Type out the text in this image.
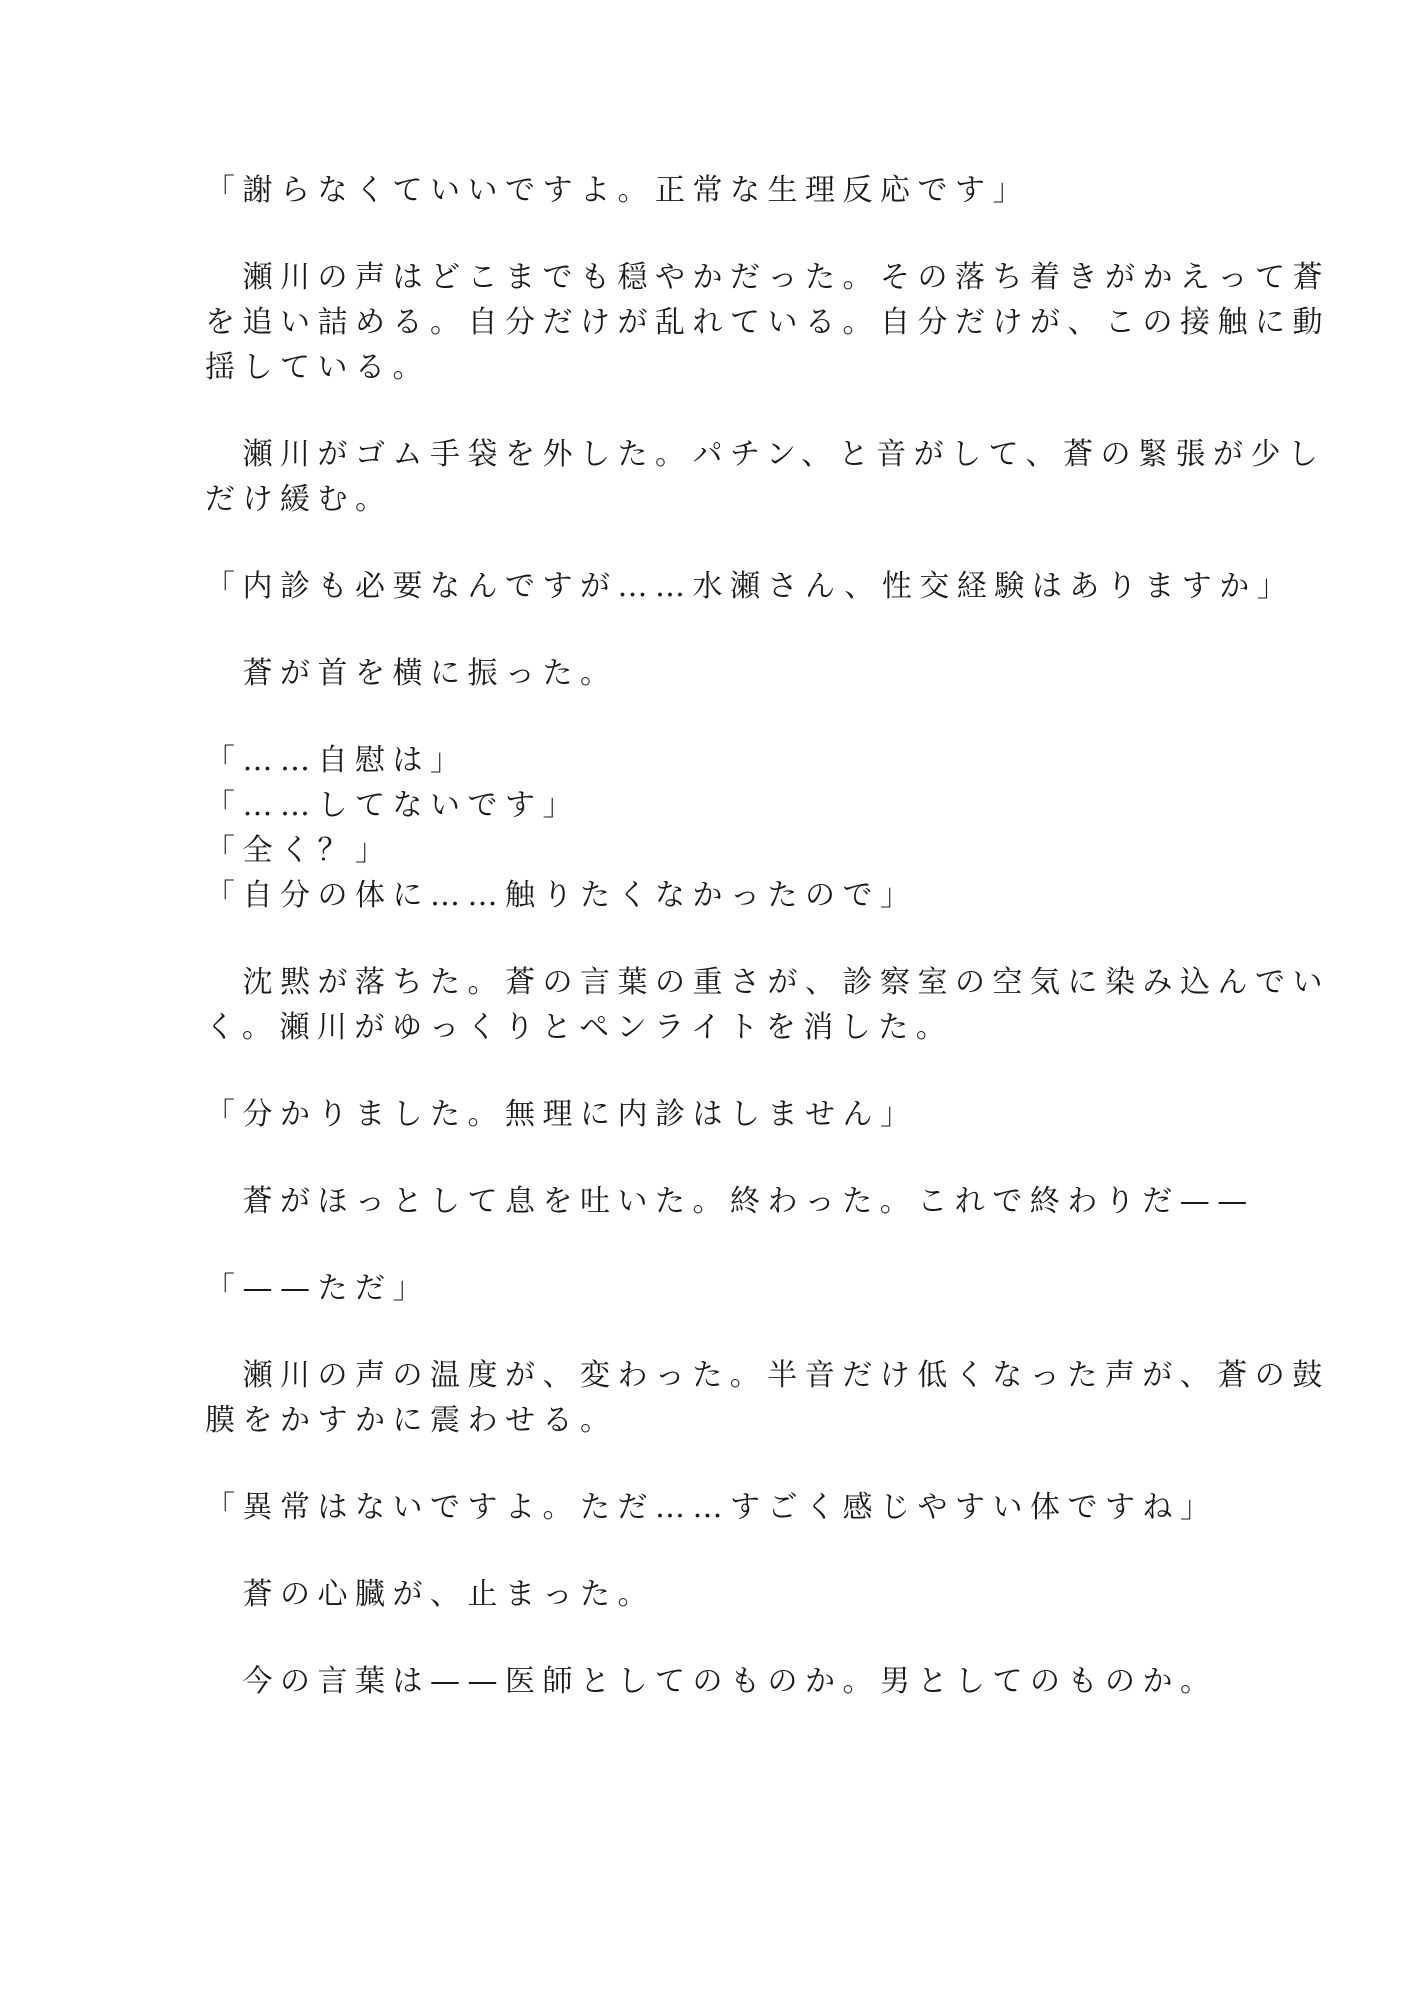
「謝らなくていいですよ。正常な生理反応です」

　瀬川の声はどこまでも穏やかだった。その落ち着きがかえって蒼
を追い詰める。自分だけが乱れている。自分だけが、この接触に動
揺している。

　瀬川がゴム手袋を外した。パチン、と音がして、蒼の緊張が少し
だけ緩む。

「内診も必要なんですが……水瀬さん、性交経験はありますか」

　蒼が首を横に振った。

「……自慰は」
「……してないです」
「全く？」
「自分の体に……触りたくなかったので」

　沈黙が落ちた。蒼の言葉の重さが、診察室の空気に染み込んでい
く。瀬川がゆっくりとペンライトを消した。

「分かりました。無理に内診はしません」

　蒼がほっとして息を吐いた。終わった。これで終わりだ——

「——ただ」

　瀬川の声の温度が、変わった。半音だけ低くなった声が、蒼の鼓
膜をかすかに震わせる。

「異常はないですよ。ただ……すごく感じやすい体ですね」

　蒼の心臓が、止まった。

　今の言葉は——医師としてのものか。男としてのものか。
